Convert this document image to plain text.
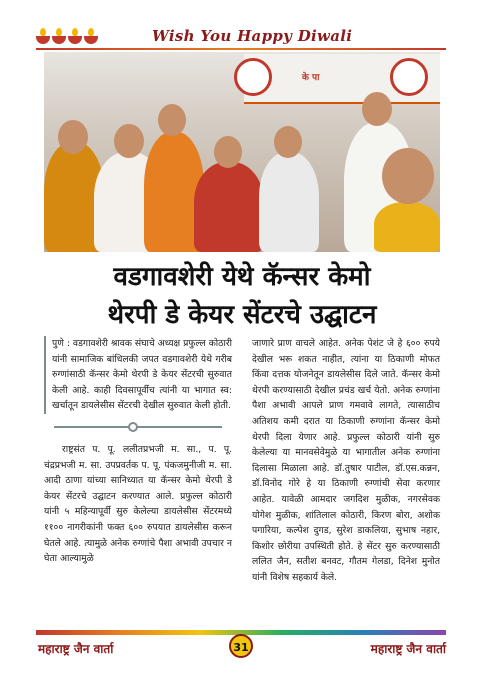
Wish You Happy Diwali
के पा
वडगावशेरी येथे कॅन्सर केमो
थेरपी डे केयर सेंटरचे उद्घाटन
पुणे : वडगावशेरी श्रावक संघाचे अध्यक्ष प्रफुल्ल कोठारी यांनी सामाजिक बांधिलकी जपत वडगावशेरी येथे गरीब रुग्णांसाठी कॅन्सर केमो थेरपी डे केयर सेंटरची सुरुवात केली आहे. काही दिवसापूर्वीच त्यांनी या भागात स्व: खर्चातून डायलेसीस सेंटरची देखील सुरुवात केली होती.

राष्ट्रसंत प. पू. ललीतप्रभजी म. सा., प. पू. चंद्रप्रभजी म. सा. उपप्रवर्तक प. पू. पंकजमुनीजी म. सा. आदी ठाणा यांच्या सानिध्यात या कॅन्सर केमो थेरपी डे केयर सेंटरचे उद्घाटन करण्यात आले. प्रफुल्ल कोठारी यांनी ५ महिन्यापूर्वी सुरु केलेल्या डायलेसीस सेंटरमध्ये ११०० नागरीकांनी फक्त ६०० रुपयात डायलेसीस करून घेतले आहे. त्यामुळे अनेक रुग्णांचे पैशा अभावी उपचार न घेता आल्यामुळे

जाणारे प्राण वाचले आहेत. अनेक पेशंट जे हे ६०० रुपये देखील भरू शकत नाहीत, त्यांना या ठिकाणी मोफत किंवा दत्तक योजनेतून डायलेसीस दिले जाते. कॅन्सर केमो थेरपी करण्यासाठी देखील प्रचंड खर्च येतो. अनेक रुग्णांना पैशा अभावी आपले प्राण गमवावे लागते, त्यासाठीच अतिशय कमी दरात या ठिकाणी रुग्णांना कॅन्सर केमो थेरपी दिला येणार आहे. प्रफुल्ल कोठारी यांनी सुरु केलेल्या या मानवसेवेमुळे या भागातील अनेक रुग्णांना दिलासा मिळाला आहे. डॉ.तुषार पाटील, डॉ.एस.कन्नन, डॉ.विनोद गोरे हे या ठिकाणी रुग्णांची सेवा करणार आहेत. यावेळी आमदार जगदिश मुळीक, नगरसेवक योगेश मुळीक, शांतिलाल कोठारी, किरण बोरा, अशोक पगारिया, कल्पेश दुगड, सुरेश डाकलिया, सुभाष नहार, किशोर छोरीया उपस्थिती होते. हे सेंटर सुरु करण्यासाठी ललित जैन, सतीश बनवट, गौतम गेलडा, दिनेश मुनोत यांनी विशेष सहकार्य केले.

महाराष्ट्र जैन वार्ता	31	महाराष्ट्र जैन वार्ता
